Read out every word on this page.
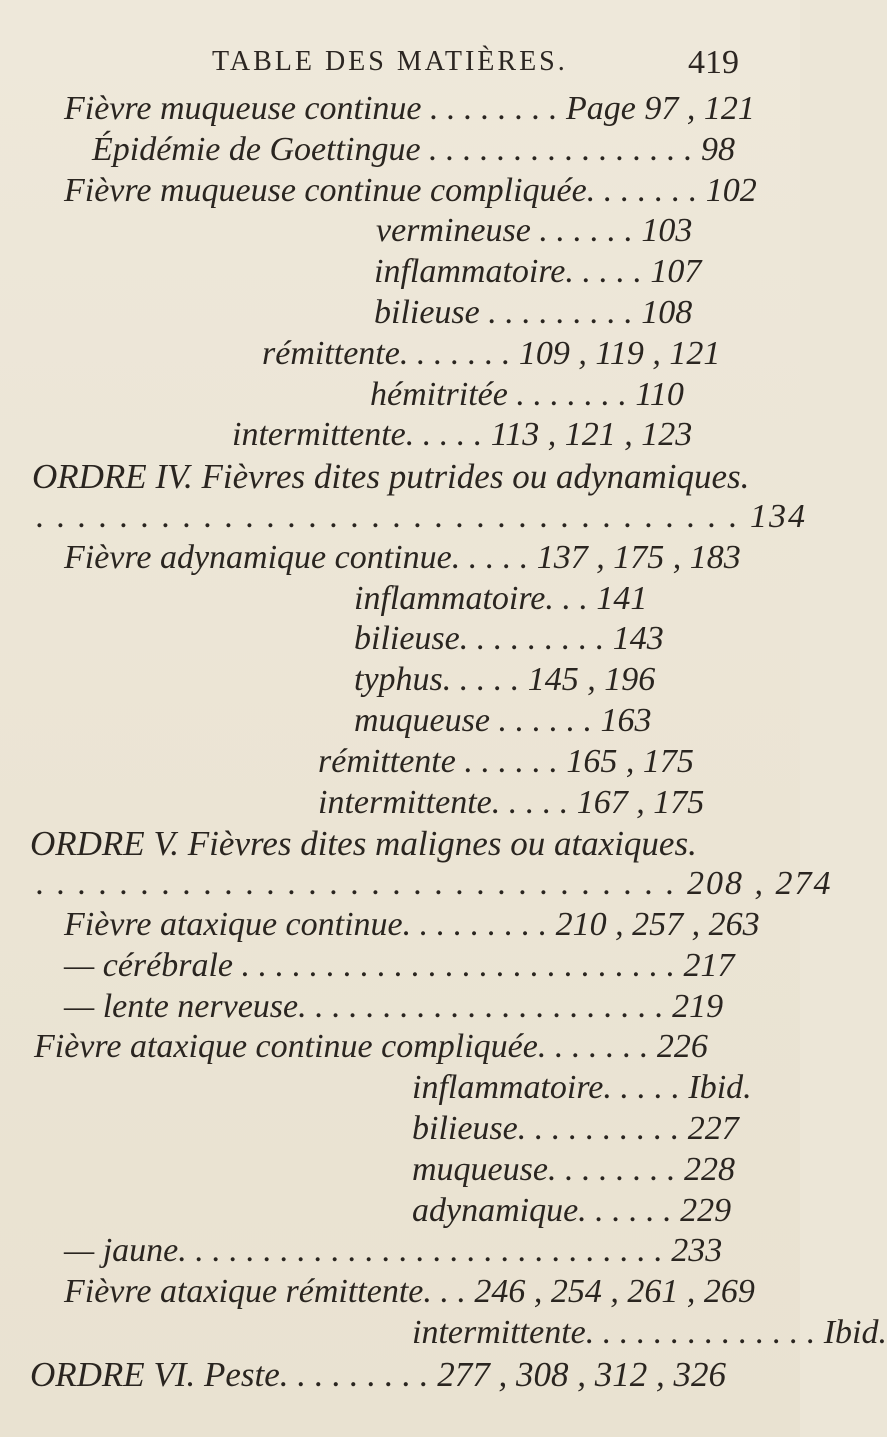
TABLE DES MATIÈRES.	419
Fièvre muqueuse continue . . . . . . . . Page 97 , 121
Épidémie de Goettingue . . . . . . . . . . . . . . . . 98
Fièvre muqueuse continue compliquée. . . . . . . 102
vermineuse . . . . . . 103
inflammatoire. . . . . 107
bilieuse . . . . . . . . . 108
rémittente. . . . . . . 109 , 119 , 121
hémitritée . . . . . . . 110
intermittente. . . . . 113 , 121 , 123
ORDRE IV. Fièvres dites putrides ou adynamiques.
. . . . . . . . . . . . . . . . . . . . . . . . . . . . . . . . . . 134
Fièvre adynamique continue. . . . . 137 , 175 , 183
inflammatoire. . . 141
bilieuse. . . . . . . . . 143
typhus. . . . . 145 , 196
muqueuse . . . . . . 163
rémittente . . . . . . 165 , 175
intermittente. . . . . 167 , 175
ORDRE V. Fièvres dites malignes ou ataxiques.
. . . . . . . . . . . . . . . . . . . . . . . . . . . . . . . 208 , 274
Fièvre ataxique continue. . . . . . . . . 210 , 257 , 263
— cérébrale . . . . . . . . . . . . . . . . . . . . . . . . . . 217
— lente nerveuse. . . . . . . . . . . . . . . . . . . . . . 219
Fièvre ataxique continue compliquée. . . . . . . 226
inflammatoire. . . . . Ibid.
bilieuse. . . . . . . . . . 227
muqueuse. . . . . . . . 228
adynamique. . . . . . 229
— jaune. . . . . . . . . . . . . . . . . . . . . . . . . . . . . 233
Fièvre ataxique rémittente. . . 246 , 254 , 261 , 269
intermittente. . . . . . . . . . . . . . Ibid.
ORDRE VI. Peste. . . . . . . . . 277 , 308 , 312 , 326
